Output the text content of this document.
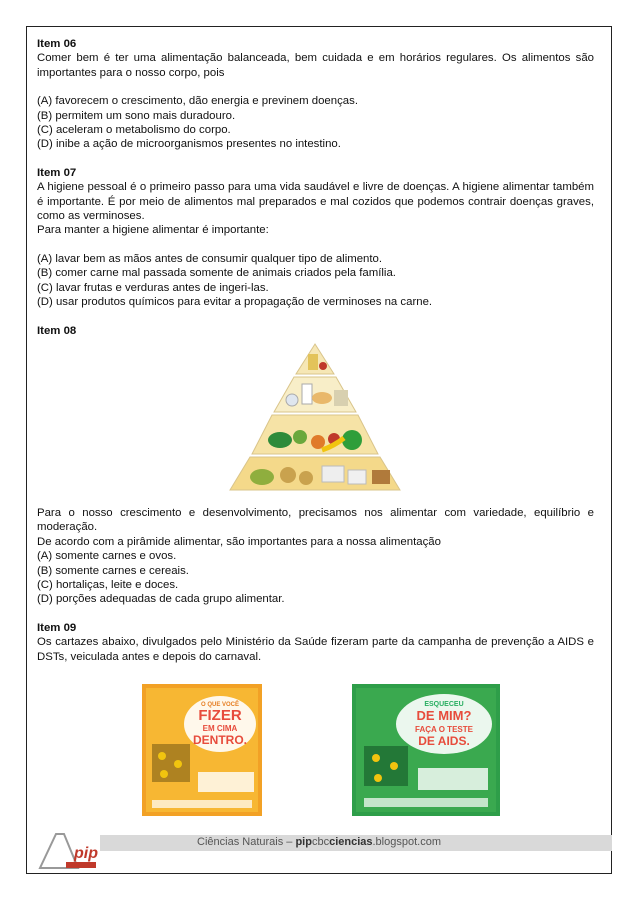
Item 06

Comer bem é ter uma alimentação balanceada, bem cuidada e em horários regulares. Os alimentos são importantes para o nosso corpo, pois

(A) favorecem o crescimento, dão energia e previnem doenças.

(B) permitem um sono mais duradouro.

(C) aceleram o metabolismo do corpo.

(D) inibe a ação de microorganismos presentes no intestino.

Item 07

A higiene pessoal é o primeiro passo para uma vida saudável e livre de doenças. A higiene alimentar também é importante. É por meio de alimentos mal preparados e mal cozidos que podemos contrair doenças graves, como as verminoses.

Para manter a higiene alimentar é importante:

(A) lavar bem as mãos antes de consumir qualquer tipo de alimento.

(B) comer carne mal passada somente de animais criados pela família.

(C) lavar frutas e verduras antes de ingeri-las.

(D) usar produtos químicos para evitar a propagação de verminoses na carne.

Item 08

Para o nosso crescimento e desenvolvimento, precisamos nos alimentar com variedade, equilíbrio e moderação.

De acordo com a pirâmide alimentar, são importantes para a nossa alimentação

(A) somente carnes e ovos.

(B) somente carnes e cereais.

(C) hortaliças, leite e doces.

(D) porções adequadas de cada grupo alimentar.

Item 09

Os cartazes abaixo, divulgados pelo Ministério da Saúde fizeram parte da campanha de prevenção a AIDS e DSTs, veiculada antes e depois do carnaval.

O QUE VOCÊ
FIZER
EM CIMA
DENTRO.
ESQUECEU
DE MIM?
FAÇA O TESTE
DE AIDS.
pip
Ciências Naturais – pipcbcciencias.blogspot.com
